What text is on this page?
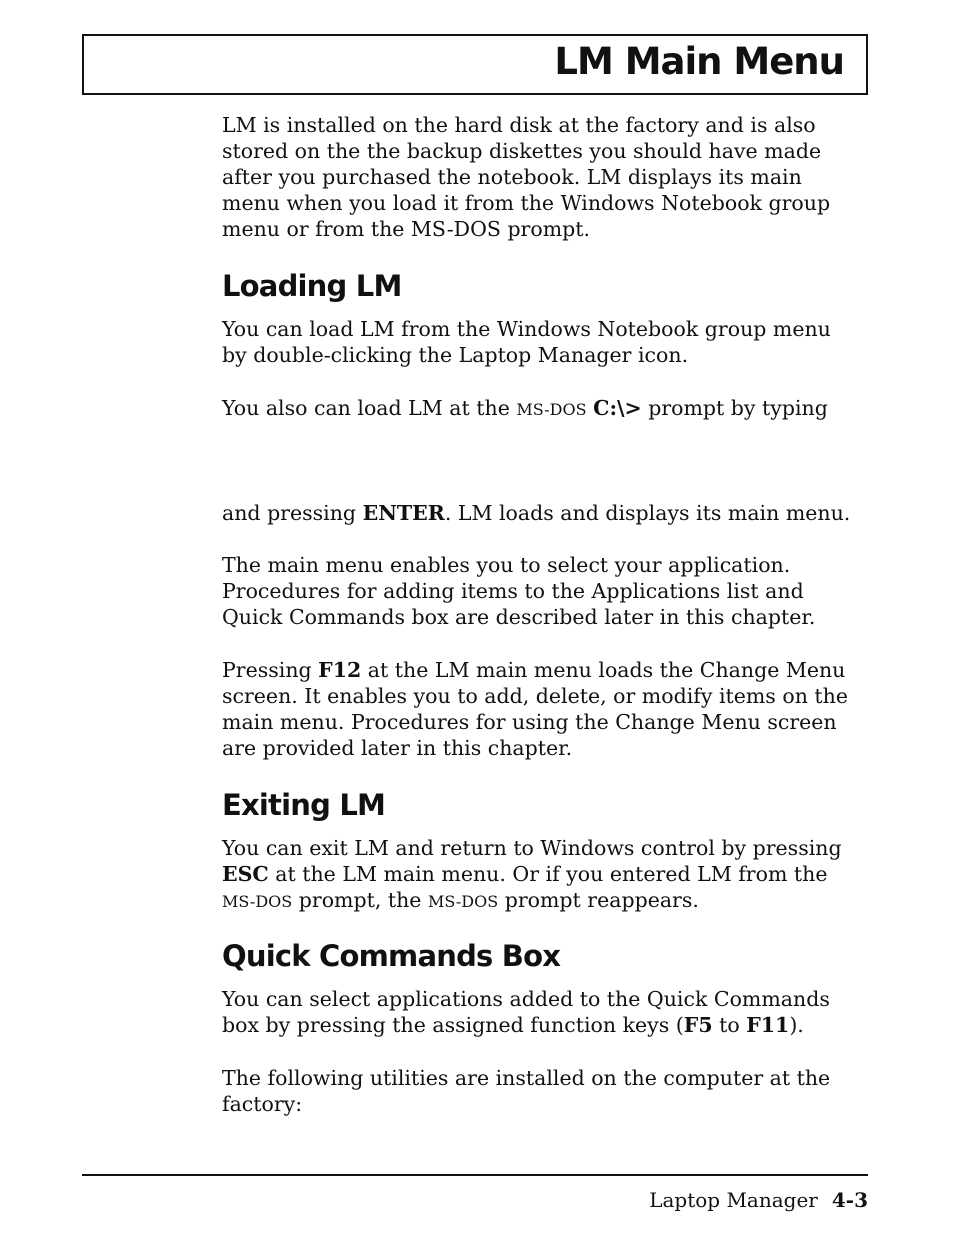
LM Main Menu
LM is installed on the hard disk at the factory and is also
stored on the the backup diskettes you should have made
after you purchased the notebook. LM displays its main
menu when you load it from the Windows Notebook group
menu or from the MS-DOS prompt.
Loading LM
You can load LM from the Windows Notebook group menu
by double-clicking the Laptop Manager icon.
You also can load LM at the MS-DOS C:\> prompt by typing
and pressing ENTER. LM loads and displays its main menu.
The main menu enables you to select your application.
Procedures for adding items to the Applications list and
Quick Commands box are described later in this chapter.
Pressing F12 at the LM main menu loads the Change Menu
screen. It enables you to add, delete, or modify items on the
main menu. Procedures for using the Change Menu screen
are provided later in this chapter.
Exiting LM
You can exit LM and return to Windows control by pressing
ESC at the LM main menu. Or if you entered LM from the
MS-DOS prompt, the MS-DOS prompt reappears.
Quick Commands Box
You can select applications added to the Quick Commands
box by pressing the assigned function keys (F5 to F11).
The following utilities are installed on the computer at the
factory:
Laptop Manager 4-3
